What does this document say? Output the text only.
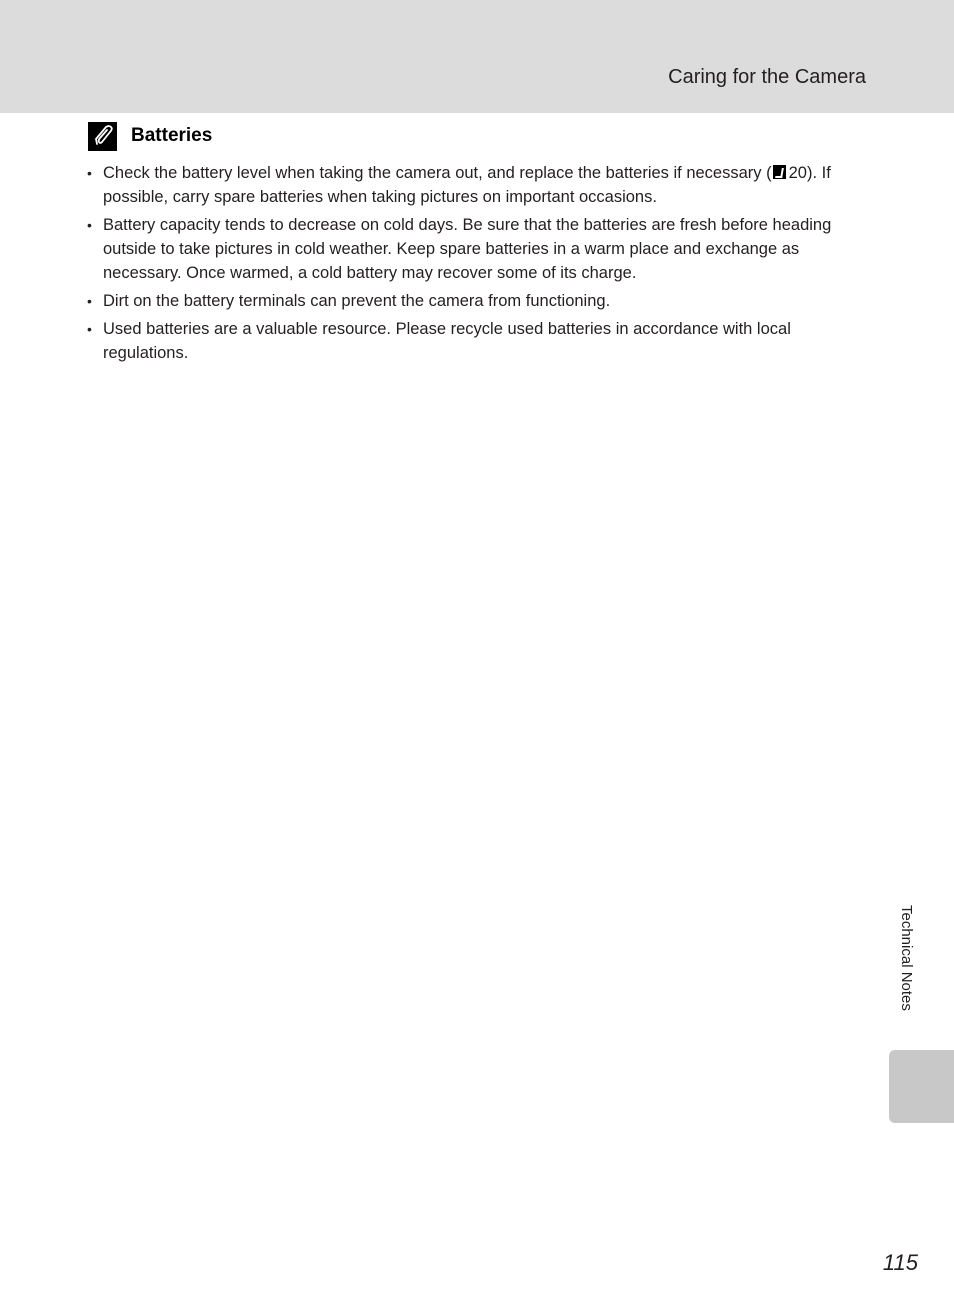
Caring for the Camera
Batteries
• Check the battery level when taking the camera out, and replace the batteries if necessary ( 20). If possible, carry spare batteries when taking pictures on important occasions.
• Battery capacity tends to decrease on cold days. Be sure that the batteries are fresh before heading outside to take pictures in cold weather. Keep spare batteries in a warm place and exchange as necessary. Once warmed, a cold battery may recover some of its charge.
• Dirt on the battery terminals can prevent the camera from functioning.
• Used batteries are a valuable resource. Please recycle used batteries in accordance with local regulations.
Technical Notes
115
